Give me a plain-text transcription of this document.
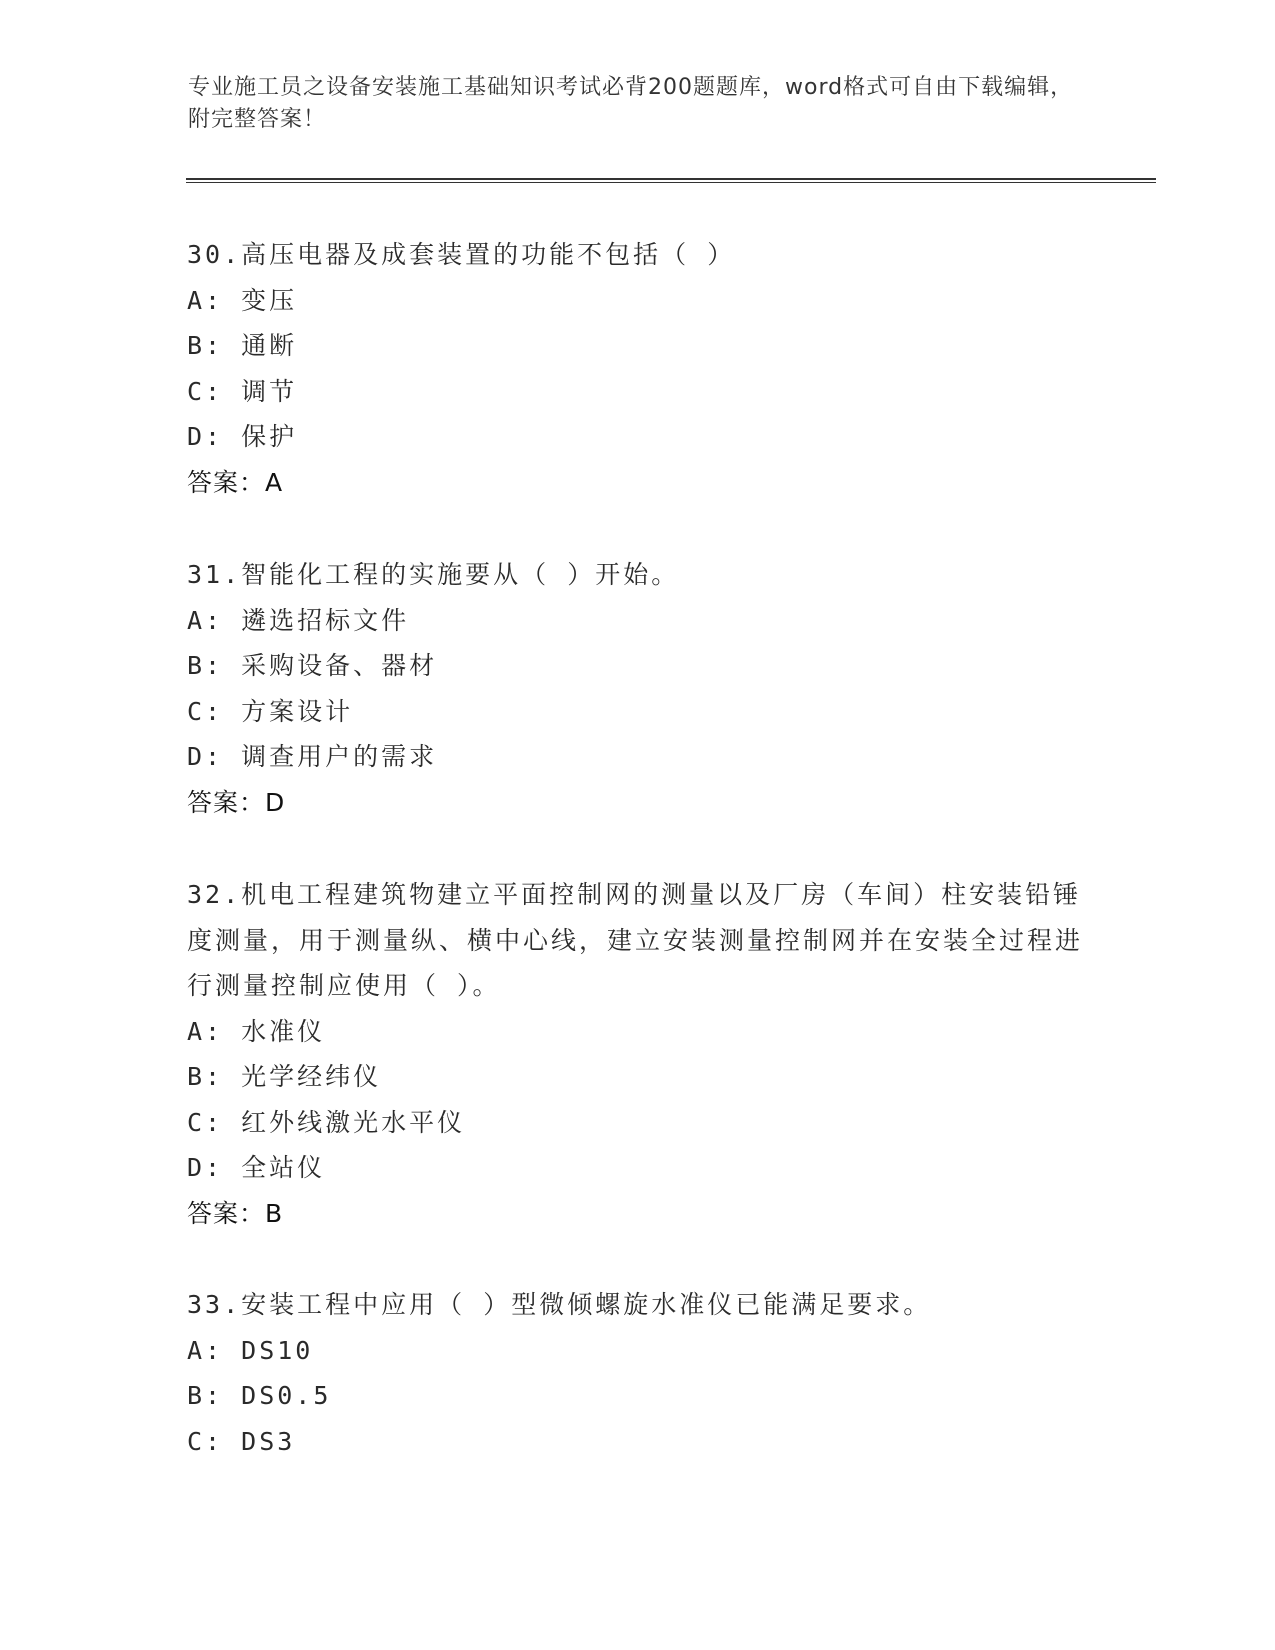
专业施工员之设备安装施工基础知识考试必背200题题库，word格式可自由下载编辑，附完整答案！
30.高压电器及成套装置的功能不包括（ ）
A: 变压
B: 通断
C: 调节
D: 保护
答案：A
31.智能化工程的实施要从（ ）开始。
A: 遴选招标文件
B: 采购设备、器材
C: 方案设计
D: 调查用户的需求
答案：D
32.机电工程建筑物建立平面控制网的测量以及厂房（车间）柱安装铅锤度测量，用于测量纵、横中心线，建立安装测量控制网并在安装全过程进行测量控制应使用（ ）。
A: 水准仪
B: 光学经纬仪
C: 红外线激光水平仪
D: 全站仪
答案：B
33.安装工程中应用（ ）型微倾螺旋水准仪已能满足要求。
A: DS10
B: DS0.5
C: DS3
